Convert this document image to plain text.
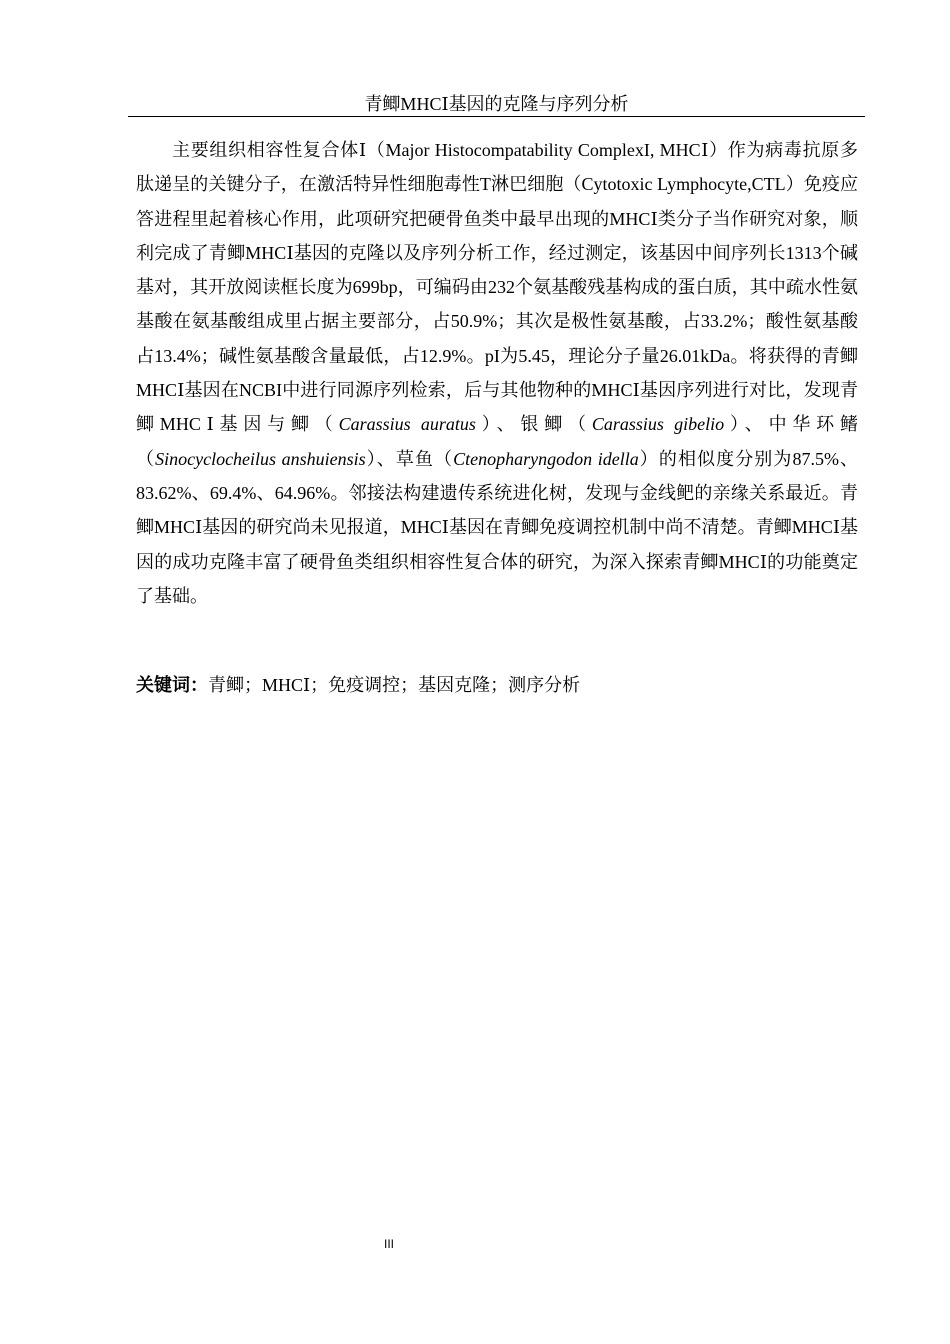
青鲫MHCⅠ基因的克隆与序列分析

主要组织相容性复合体Ⅰ（Major Histocompatability ComplexI, MHCⅠ）作为病毒抗原多肽递呈的关键分子，在激活特异性细胞毒性T淋巴细胞（Cytotoxic Lymphocyte,CTL）免疫应答进程里起着核心作用，此项研究把硬骨鱼类中最早出现的MHCⅠ类分子当作研究对象，顺利完成了青鲫MHCⅠ基因的克隆以及序列分析工作，经过测定，该基因中间序列长1313个碱基对，其开放阅读框长度为699bp，可编码由232个氨基酸残基构成的蛋白质，其中疏水性氨基酸在氨基酸组成里占据主要部分，占50.9%；其次是极性氨基酸，占33.2%；酸性氨基酸占13.4%；碱性氨基酸含量最低，占12.9%。pI为5.45，理论分子量26.01kDa。将获得的青鲫MHCⅠ基因在NCBI中进行同源序列检索，后与其他物种的MHCⅠ基因序列进行对比，发现青鲫MHCⅠ基因与鲫（Carassius auratus）、银鲫（Carassius gibelio）、中华环鳍（Sinocyclocheilus anshuiensis）、草鱼（Ctenopharyngodon idella）的相似度分别为87.5%、83.62%、69.4%、64.96%。邻接法构建遗传系统进化树，发现与金线鲃的亲缘关系最近。青鲫MHCⅠ基因的研究尚未见报道，MHCⅠ基因在青鲫免疫调控机制中尚不清楚。青鲫MHCⅠ基因的成功克隆丰富了硬骨鱼类组织相容性复合体的研究，为深入探索青鲫MHCⅠ的功能奠定了基础。

关键词：青鲫；MHCⅠ；免疫调控；基因克隆；测序分析

III
